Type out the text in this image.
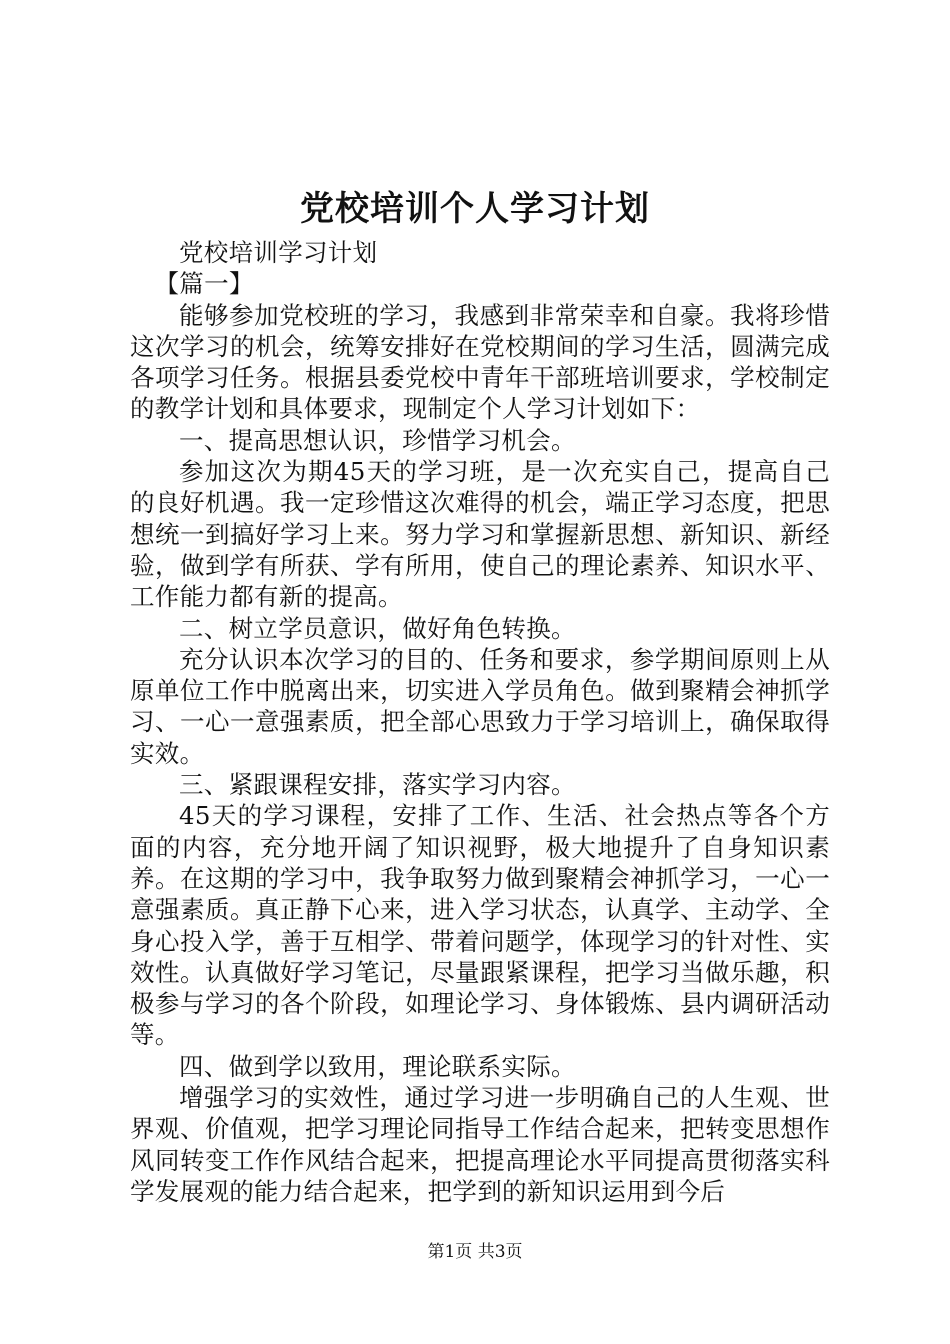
党校培训个人学习计划

党校培训学习计划

【篇一】

能够参加党校班的学习，我感到非常荣幸和自豪。我将珍惜这次学习的机会，统筹安排好在党校期间的学习生活，圆满完成各项学习任务。根据县委党校中青年干部班培训要求，学校制定的教学计划和具体要求，现制定个人学习计划如下：

一、提高思想认识，珍惜学习机会。

参加这次为期45天的学习班，是一次充实自己，提高自己的良好机遇。我一定珍惜这次难得的机会，端正学习态度，把思想统一到搞好学习上来。努力学习和掌握新思想、新知识、新经验，做到学有所获、学有所用，使自己的理论素养、知识水平、工作能力都有新的提高。

二、树立学员意识，做好角色转换。

充分认识本次学习的目的、任务和要求，参学期间原则上从原单位工作中脱离出来，切实进入学员角色。做到聚精会神抓学习、一心一意强素质，把全部心思致力于学习培训上，确保取得实效。

三、紧跟课程安排，落实学习内容。

45天的学习课程，安排了工作、生活、社会热点等各个方面的内容，充分地开阔了知识视野，极大地提升了自身知识素养。在这期的学习中，我争取努力做到聚精会神抓学习，一心一意强素质。真正静下心来，进入学习状态，认真学、主动学、全身心投入学，善于互相学、带着问题学，体现学习的针对性、实效性。认真做好学习笔记，尽量跟紧课程，把学习当做乐趣，积极参与学习的各个阶段，如理论学习、身体锻炼、县内调研活动等。

四、做到学以致用，理论联系实际。

增强学习的实效性，通过学习进一步明确自己的人生观、世界观、价值观，把学习理论同指导工作结合起来，把转变思想作风同转变工作作风结合起来，把提高理论水平同提高贯彻落实科学发展观的能力结合起来，把学到的新知识运用到今后

第1页 共3页
